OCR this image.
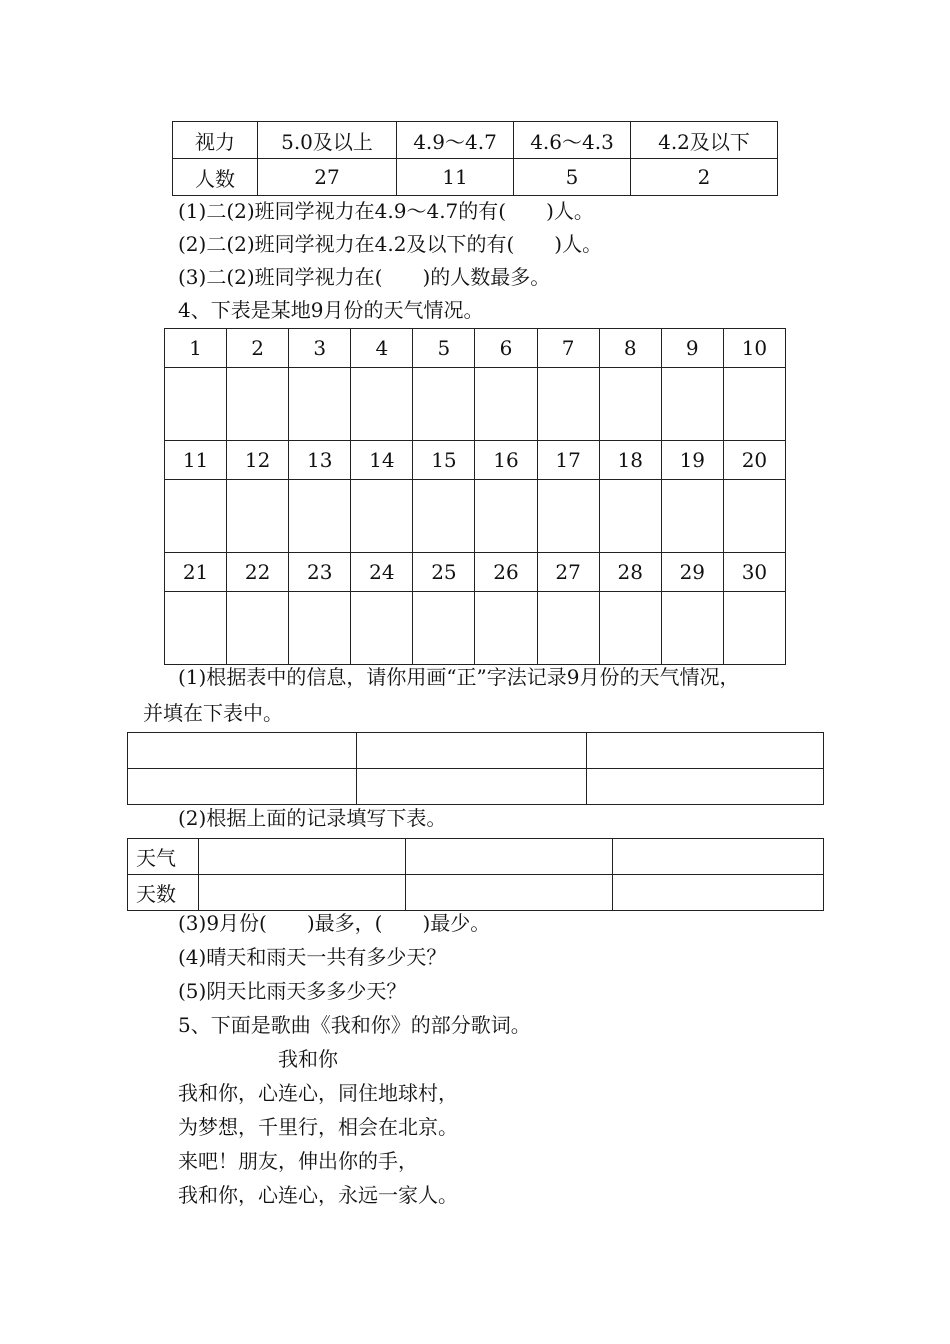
视力	5.0及以上	4.9～4.7	4.6～4.3	4.2及以下
人数	27	11	5	2
(1)二(2)班同学视力在4.9～4.7的有(　　)人。
(2)二(2)班同学视力在4.2及以下的有(　　)人。
(3)二(2)班同学视力在(　　)的人数最多。
4、下表是某地9月份的天气情况。
1	2	3	4	5	6	7	8	9	10

11	12	13	14	15	16	17	18	19	20

21	22	23	24	25	26	27	28	29	30

(1)根据表中的信息，请你用画“正”字法记录9月份的天气情况，
并填在下表中。

(2)根据上面的记录填写下表。
天气			
天数			
(3)9月份(　　)最多，(　　)最少。
(4)晴天和雨天一共有多少天？
(5)阴天比雨天多多少天？
5、下面是歌曲《我和你》的部分歌词。
我和你
我和你，心连心，同住地球村，
为梦想，千里行，相会在北京。
来吧！朋友，伸出你的手，
我和你，心连心，永远一家人。
